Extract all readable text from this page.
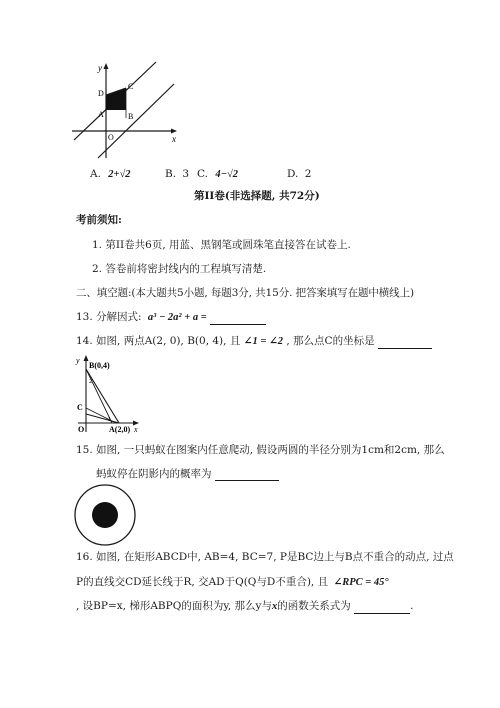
y
x
D
C
A	B
O
A. 2+√2	B. 3 C. 4−√2	D. 2
第II卷(非选择题, 共72分)
考前须知:
1. 第II卷共6页, 用蓝、黑钢笔或圆珠笔直接答在试卷上.
2. 答卷前将密封线内的工程填写清楚.
二、填空题:(本大题共5小题, 每题3分, 共15分. 把答案填写在题中横线上)
13. 分解因式: a³ − 2a² + a =
14. 如图, 两点A(2, 0), B(0, 4), 且 ∠1 = ∠2 , 那么点C的坐标是
y
B(0,4)
2
C
1
O	A(2,0) x
15. 如图, 一只蚂蚁在图案内任意爬动, 假设两圆的半径分别为1cm和2cm, 那么
蚂蚁停在阴影内的概率为
16. 如图, 在矩形ABCD中, AB=4, BC=7, P是BC边上与B点不重合的动点, 过点
P的直线交CD延长线于R, 交AD于Q(Q与D不重合), 且 ∠RPC = 45°
, 设BP=x, 梯形ABPQ的面积为y, 那么y与x的函数关系式为	.
